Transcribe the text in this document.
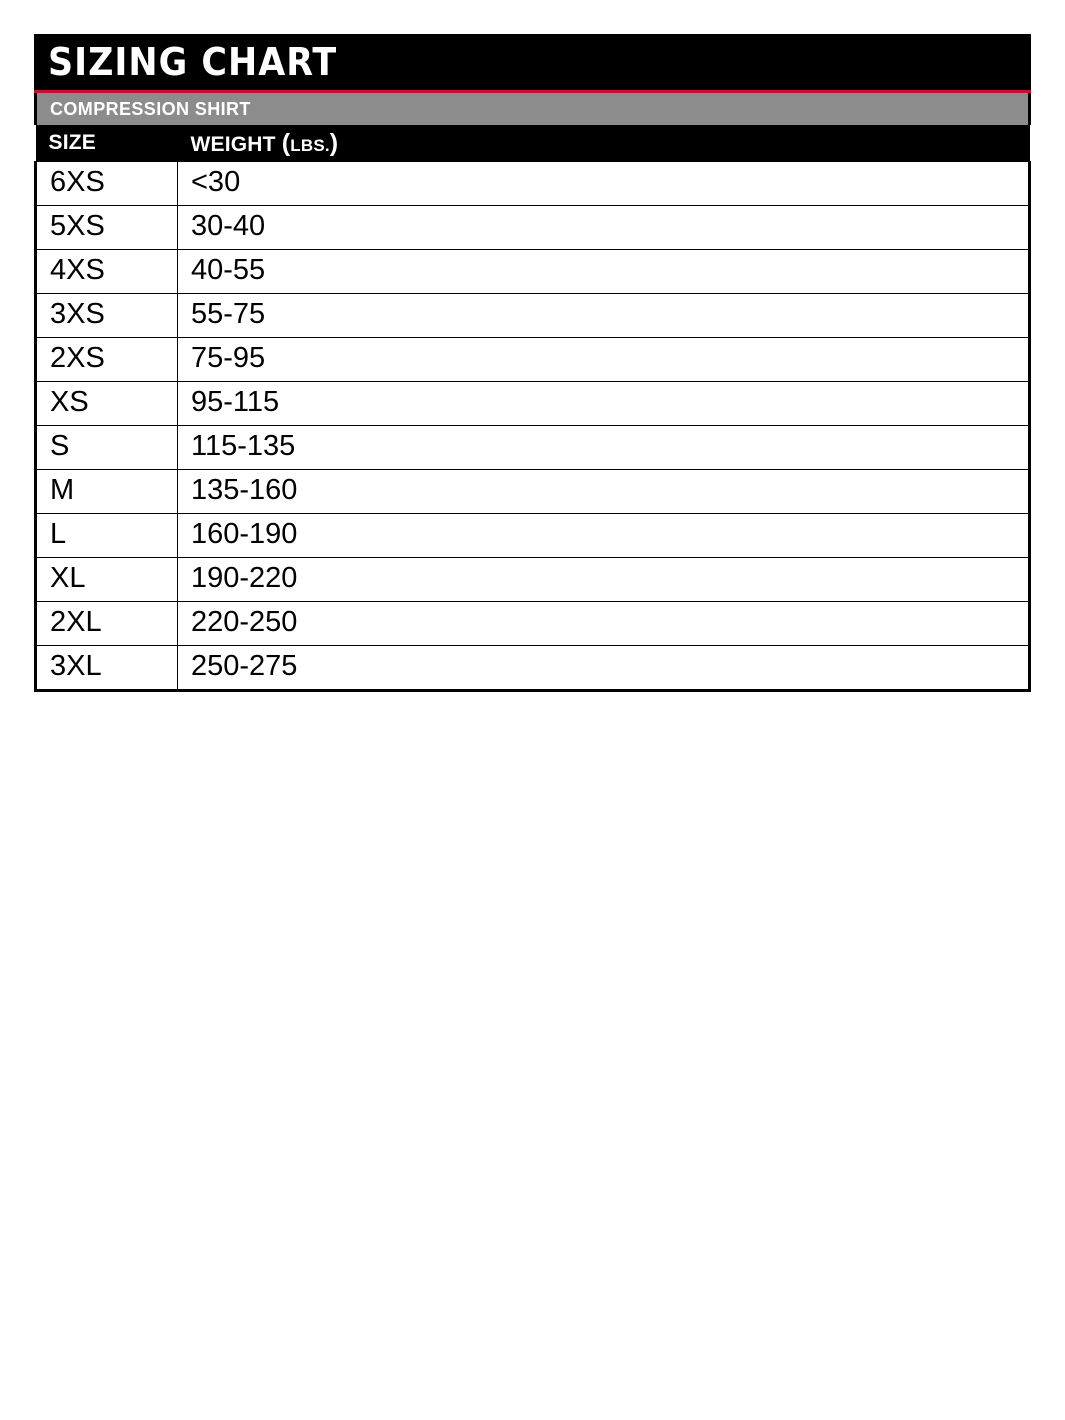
SIZING CHART
COMPRESSION SHIRT
SIZE	WEIGHT (LBS.)
6XS	<30
5XS	30-40
4XS	40-55
3XS	55-75
2XS	75-95
XS	95-115
S	115-135
M	135-160
L	160-190
XL	190-220
2XL	220-250
3XL	250-275
